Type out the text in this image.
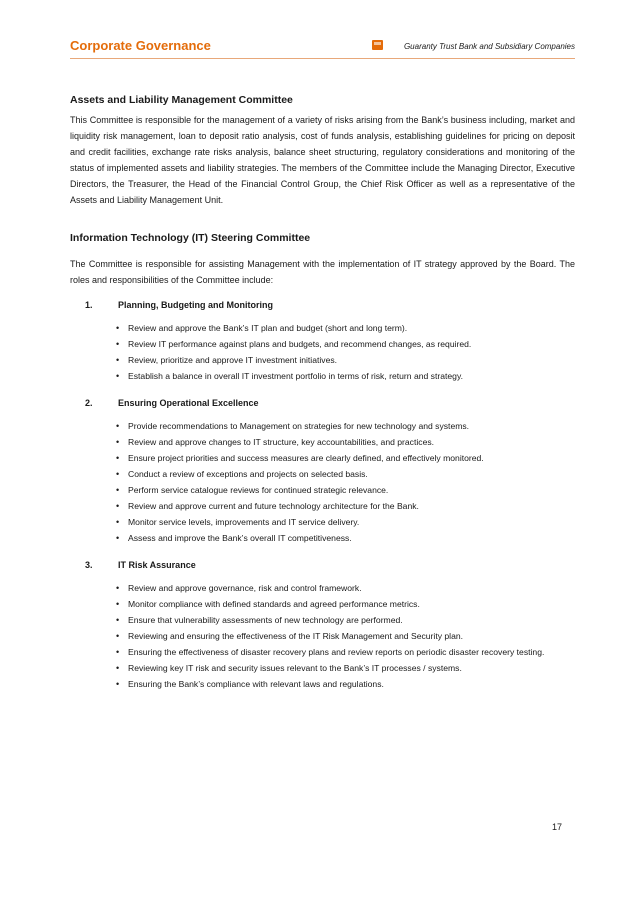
Corporate Governance	Guaranty Trust Bank and Subsidiary Companies
Assets and Liability Management Committee

This Committee is responsible for the management of a variety of risks arising from the Bank’s business including, market and liquidity risk management, loan to deposit ratio analysis, cost of funds analysis, establishing guidelines for pricing on deposit and credit facilities, exchange rate risks analysis, balance sheet structuring, regulatory considerations and monitoring of the status of implemented assets and liability strategies. The members of the Committee include the Managing Director, Executive Directors, the Treasurer, the Head of the Financial Control Group, the Chief Risk Officer as well as a representative of the Assets and Liability Management Unit.

Information Technology (IT) Steering Committee

The Committee is responsible for assisting Management with the implementation of IT strategy approved by the Board. The roles and responsibilities of the Committee include:

1.	Planning, Budgeting and Monitoring
• Review and approve the Bank’s IT plan and budget (short and long term).
• Review IT performance against plans and budgets, and recommend changes, as required.
• Review, prioritize and approve IT investment initiatives.
• Establish a balance in overall IT investment portfolio in terms of risk, return and strategy.
2.	Ensuring Operational Excellence
• Provide recommendations to Management on strategies for new technology and systems.
• Review and approve changes to IT structure, key accountabilities, and practices.
• Ensure project priorities and success measures are clearly defined, and effectively monitored.
• Conduct a review of exceptions and projects on selected basis.
• Perform service catalogue reviews for continued strategic relevance.
• Review and approve current and future technology architecture for the Bank.
• Monitor service levels, improvements and IT service delivery.
• Assess and improve the Bank’s overall IT competitiveness.
3.	IT Risk Assurance
• Review and approve governance, risk and control framework.
• Monitor compliance with defined standards and agreed performance metrics.
• Ensure that vulnerability assessments of new technology are performed.
• Reviewing and ensuring the effectiveness of the IT Risk Management and Security plan.
• Ensuring the effectiveness of disaster recovery plans and review reports on periodic disaster recovery testing.
• Reviewing key IT risk and security issues relevant to the Bank’s IT processes / systems.
• Ensuring the Bank’s compliance with relevant laws and regulations.
17
